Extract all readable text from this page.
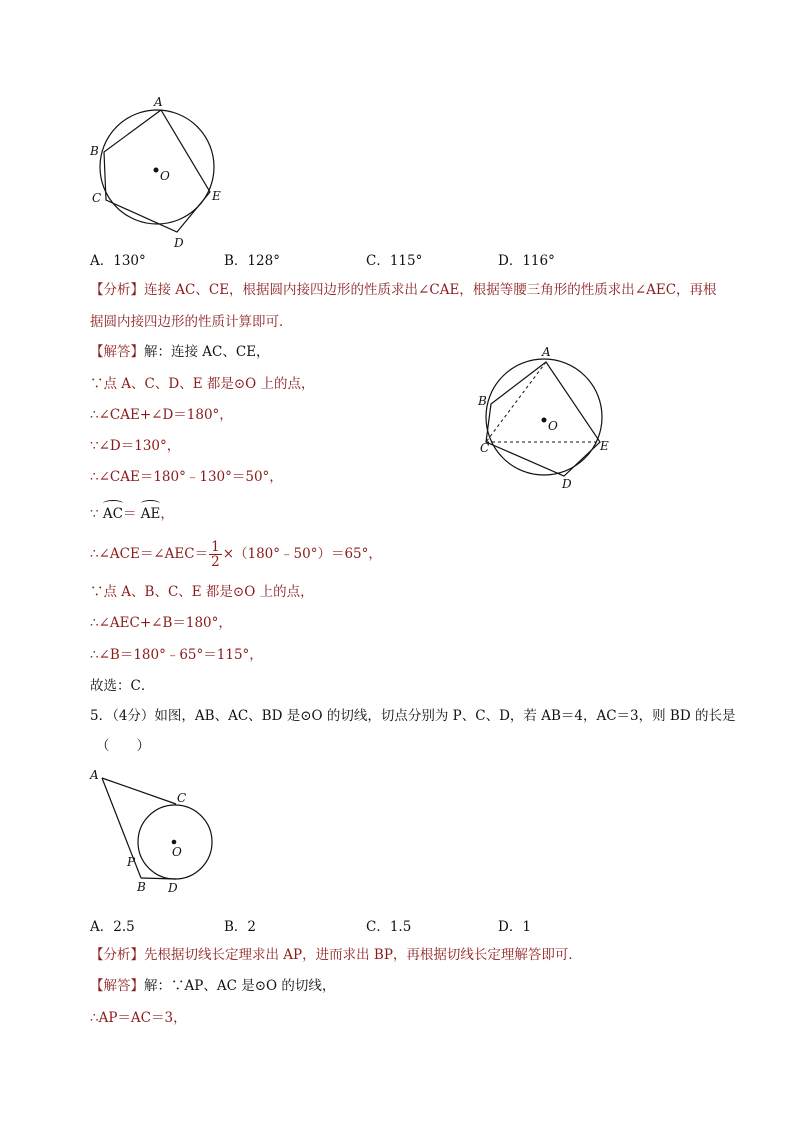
A
B
C
D
E
O
A．130°	B．128°	C．115°	D．116°
【分析】连接 AC、CE，根据圆内接四边形的性质求出∠CAE，根据等腰三角形的性质求出∠AEC，再根
据圆内接四边形的性质计算即可．
【解答】解：连接 AC、CE，
∵点 A、C、D、E 都是⊙O 上的点，
∴∠CAE+∠D＝180°，
∵∠D＝130°，
∴∠CAE＝180°﹣130°＝50°，
∵ AC＝ AE，
∴∠ACE＝∠AEC＝ $\frac{1}{2}$ ×（180°﹣50°）＝65°，
∵点 A、B、C、E 都是⊙O 上的点，
∴∠AEC+∠B＝180°，
∴∠B＝180°﹣65°＝115°，
故选：C．
A
B
C
D
E
O
5．（4分）如图，AB、AC、BD 是⊙O 的切线，切点分别为 P、C、D，若 AB＝4，AC＝3，则 BD 的长是
（　　）
A
C
O
P
B D
A．2.5	B．2	C．1.5	D．1
【分析】先根据切线长定理求出 AP，进而求出 BP，再根据切线长定理解答即可．
【解答】解：∵AP、AC 是⊙O 的切线，
∴AP＝AC＝3，
